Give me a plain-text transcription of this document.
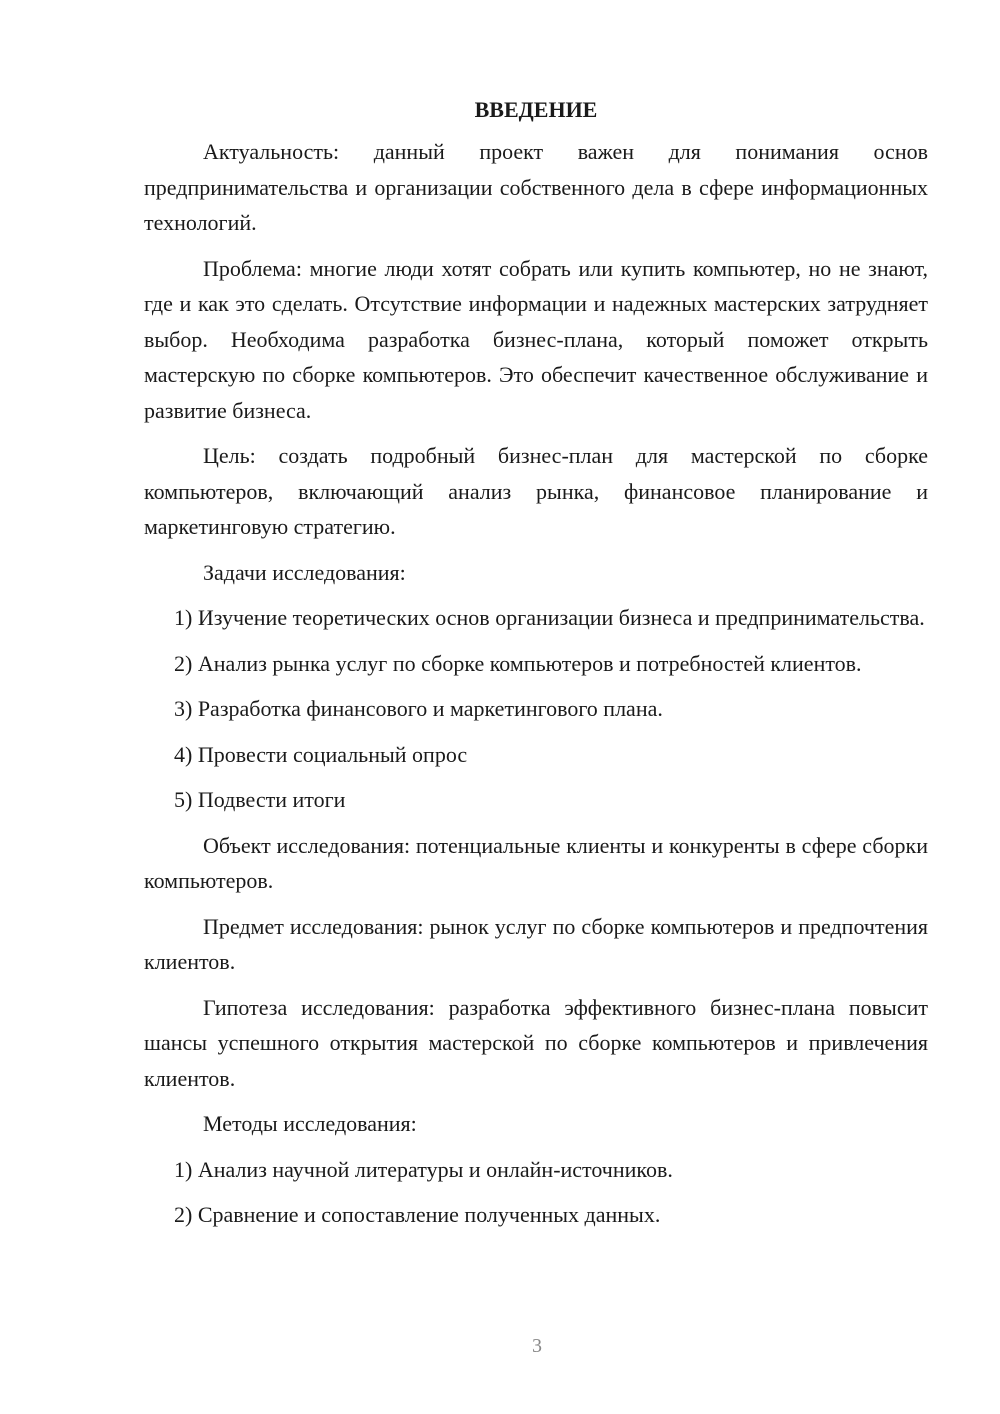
ВВЕДЕНИЕ

Актуальность: данный проект важен для понимания основ предпринимательства и организации собственного дела в сфере информационных технологий.

Проблема: многие люди хотят собрать или купить компьютер, но не знают, где и как это сделать. Отсутствие информации и надежных мастерских затрудняет выбор. Необходима разработка бизнес-плана, который поможет открыть мастерскую по сборке компьютеров. Это обеспечит качественное обслуживание и развитие бизнеса.

Цель: создать подробный бизнес-план для мастерской по сборке компьютеров, включающий анализ рынка, финансовое планирование и маркетинговую стратегию.

Задачи исследования:

1) Изучение теоретических основ организации бизнеса и предпринимательства.

2) Анализ рынка услуг по сборке компьютеров и потребностей клиентов.

3) Разработка финансового и маркетингового плана.

4) Провести социальный опрос

5) Подвести итоги

Объект исследования: потенциальные клиенты и конкуренты в сфере сборки компьютеров.

Предмет исследования: рынок услуг по сборке компьютеров и предпочтения клиентов.

Гипотеза исследования: разработка эффективного бизнес-плана повысит шансы успешного открытия мастерской по сборке компьютеров и привлечения клиентов.

Методы исследования:

1) Анализ научной литературы и онлайн-источников.

2) Сравнение и сопоставление полученных данных.

3
